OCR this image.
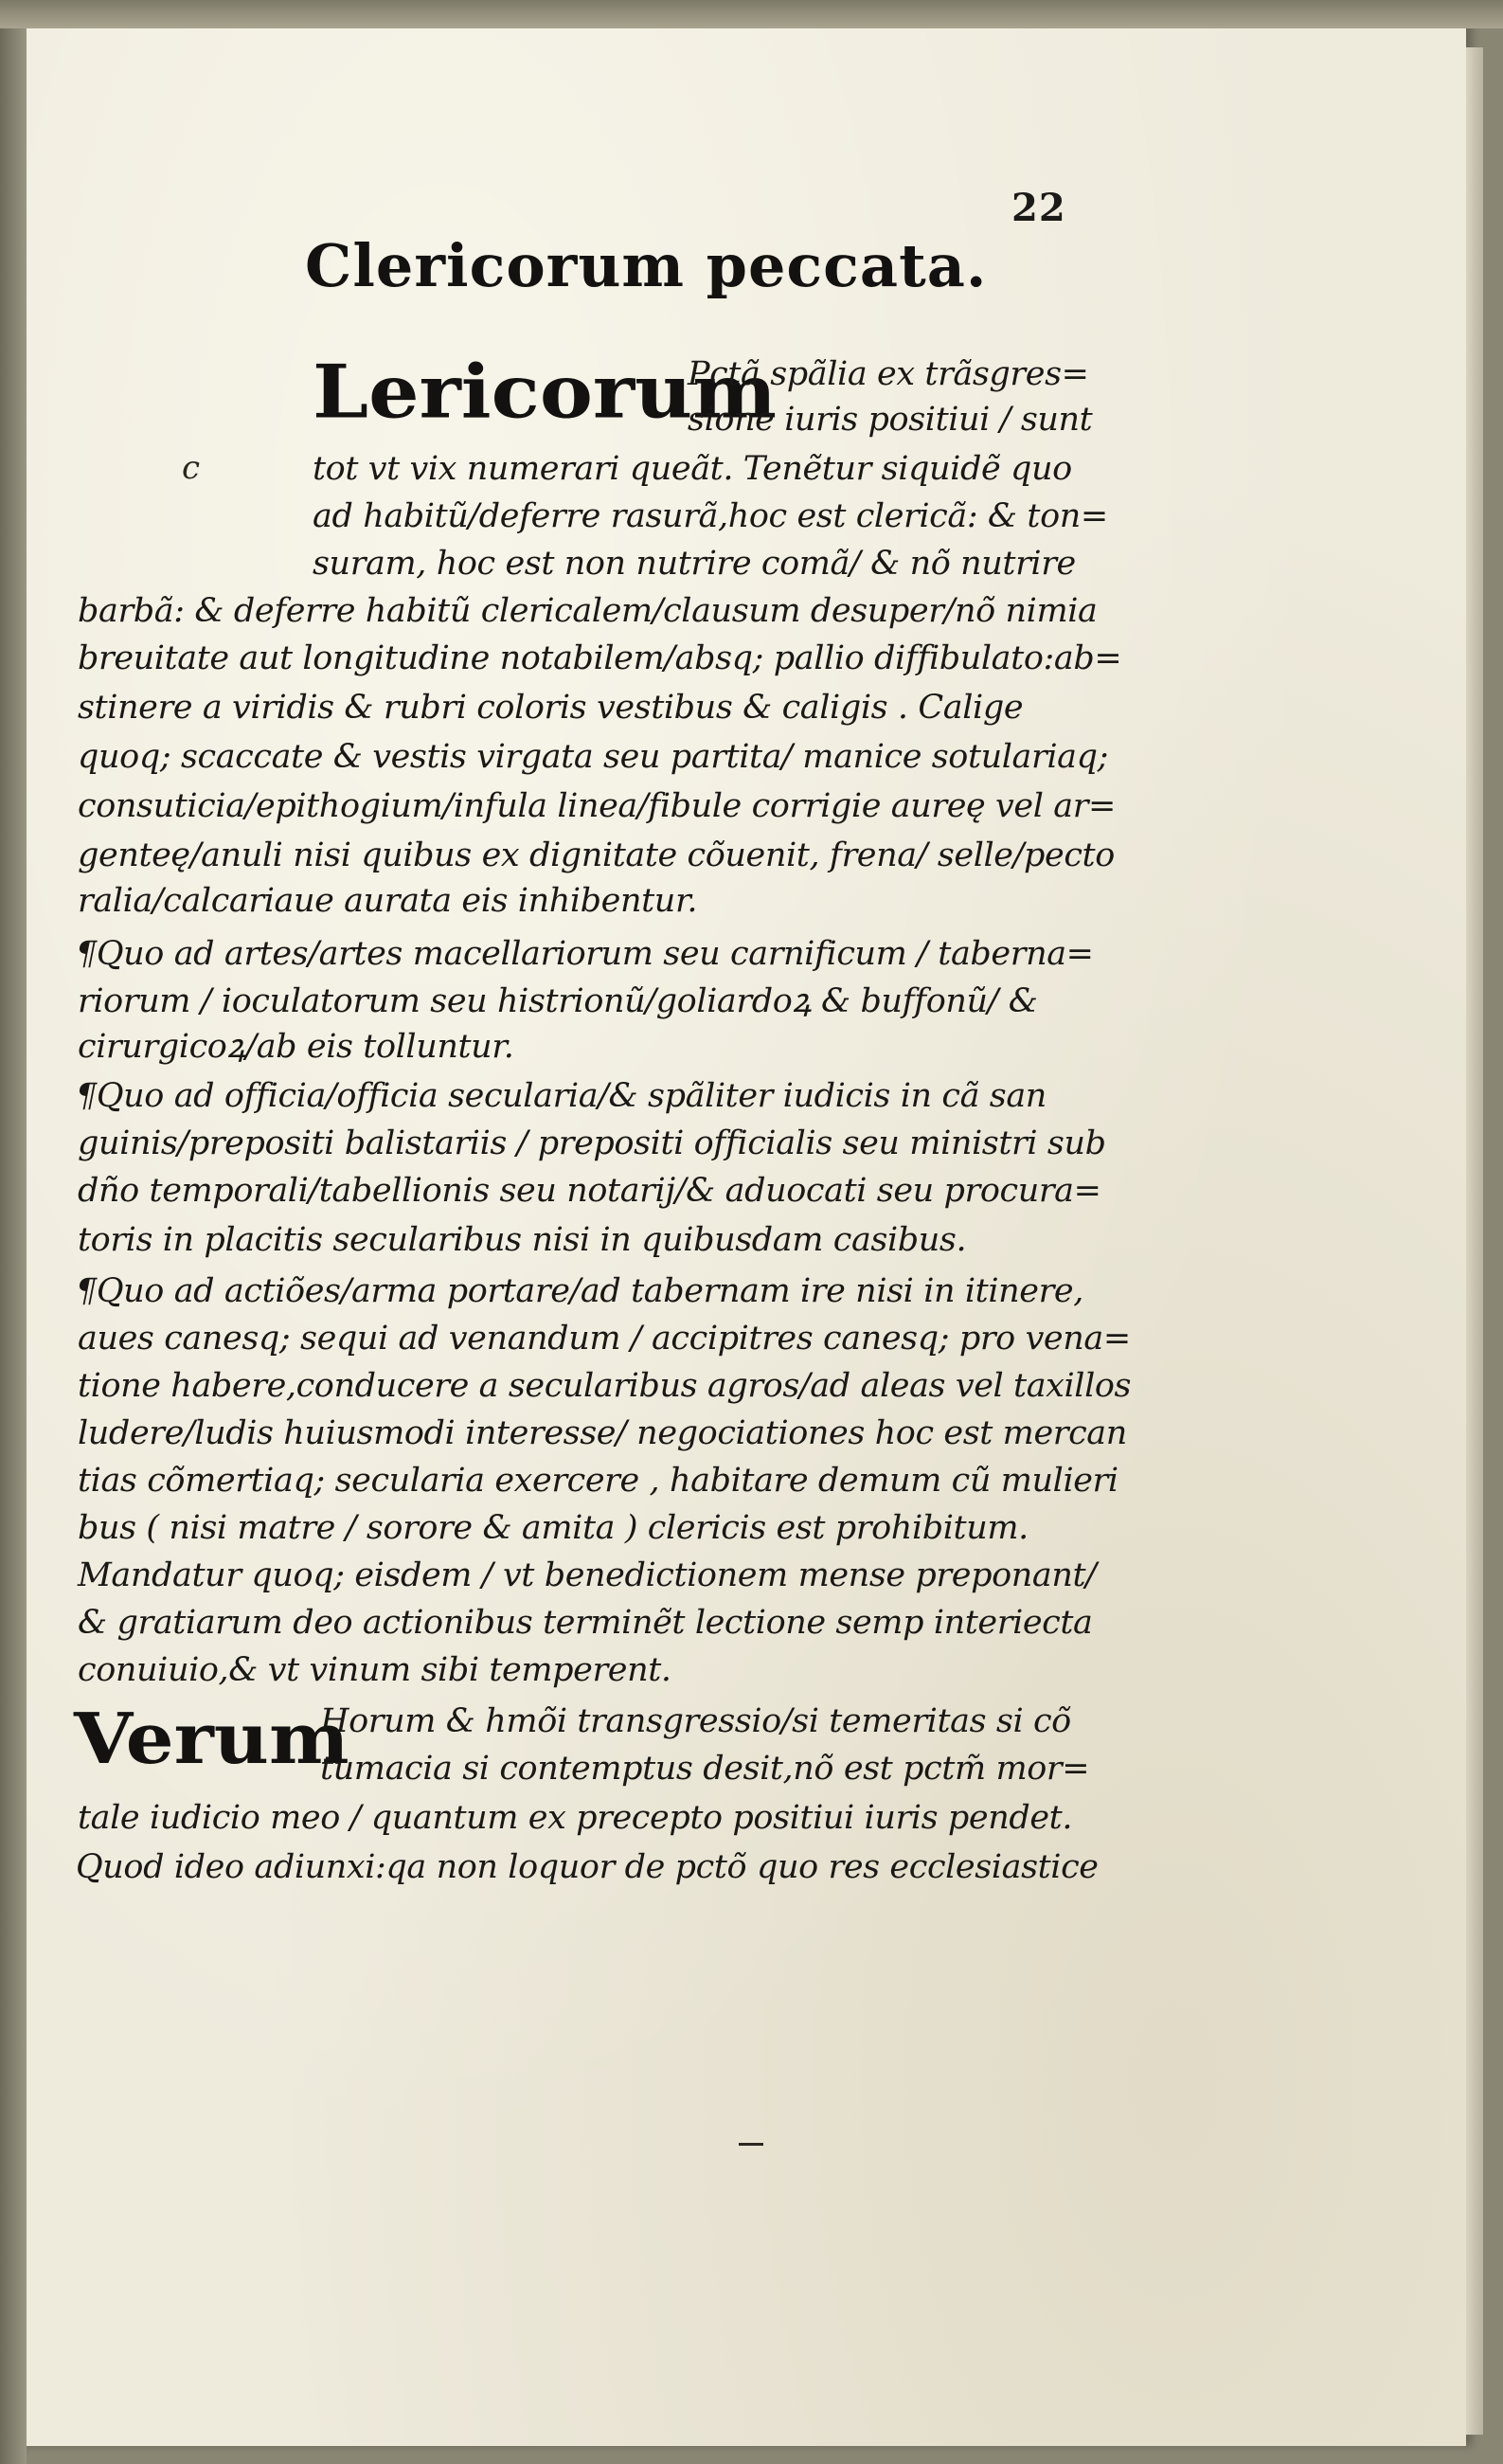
22
Clericorum peccata.
c
Lericorum
Verum
Pctã spãlia ex trãsgres=
sione iuris positiui / sunt
tot vt vix numerari queãt. Tenẽtur siquidẽ quo
ad habitũ/deferre rasurã,hoc est clericã: & ton=
suram, hoc est non nutrire comã/ & nõ nutrire
barbã: & deferre habitũ clericalem/clausum desuper/nõ nimia
breuitate aut longitudine notabilem/absq; pallio diffibulato:ab=
stinere a viridis & rubri coloris vestibus & caligis . Calige
quoq; scaccate & vestis virgata seu partita/ manice sotulariaq;
consuticia/epithogium/infula linea/fibule corrigie aureę vel ar=
genteę/anuli nisi quibus ex dignitate cõuenit, frena/ selle/pecto
ralia/calcariaue aurata eis inhibentur.
¶Quo ad artes/artes macellariorum seu carnificum / taberna=
riorum / ioculatorum seu histrionũ/goliardoꝝ & buffonũ/ &
cirurgicoꝝ/ab eis tolluntur.
¶Quo ad officia/officia secularia/& spãliter iudicis in cã san
guinis/prepositi balistariis / prepositi officialis seu ministri sub
dño temporali/tabellionis seu notarij/& aduocati seu procura=
toris in placitis secularibus nisi in quibusdam casibus.
¶Quo ad actiões/arma portare/ad tabernam ire nisi in itinere,
aues canesq; sequi ad venandum / accipitres canesq; pro vena=
tione habere,conducere a secularibus agros/ad aleas vel taxillos
ludere/ludis huiusmodi interesse/ negociationes hoc est mercan
tias cõmertiaq; secularia exercere , habitare demum cũ mulieri
bus ( nisi matre / sorore & amita ) clericis est prohibitum.
Mandatur quoq; eisdem / vt benedictionem mense preponant/
& gratiarum deo actionibus terminẽt lectione semp interiecta
conuiuio,& vt vinum sibi temperent.
Horum & hmõi transgressio/si temeritas si cõ
tumacia si contemptus desit,nõ est pctm̃ mor=
tale iudicio meo / quantum ex precepto positiui iuris pendet.
Quod ideo adiunxi:qa non loquor de pctõ quo res ecclesiastice
